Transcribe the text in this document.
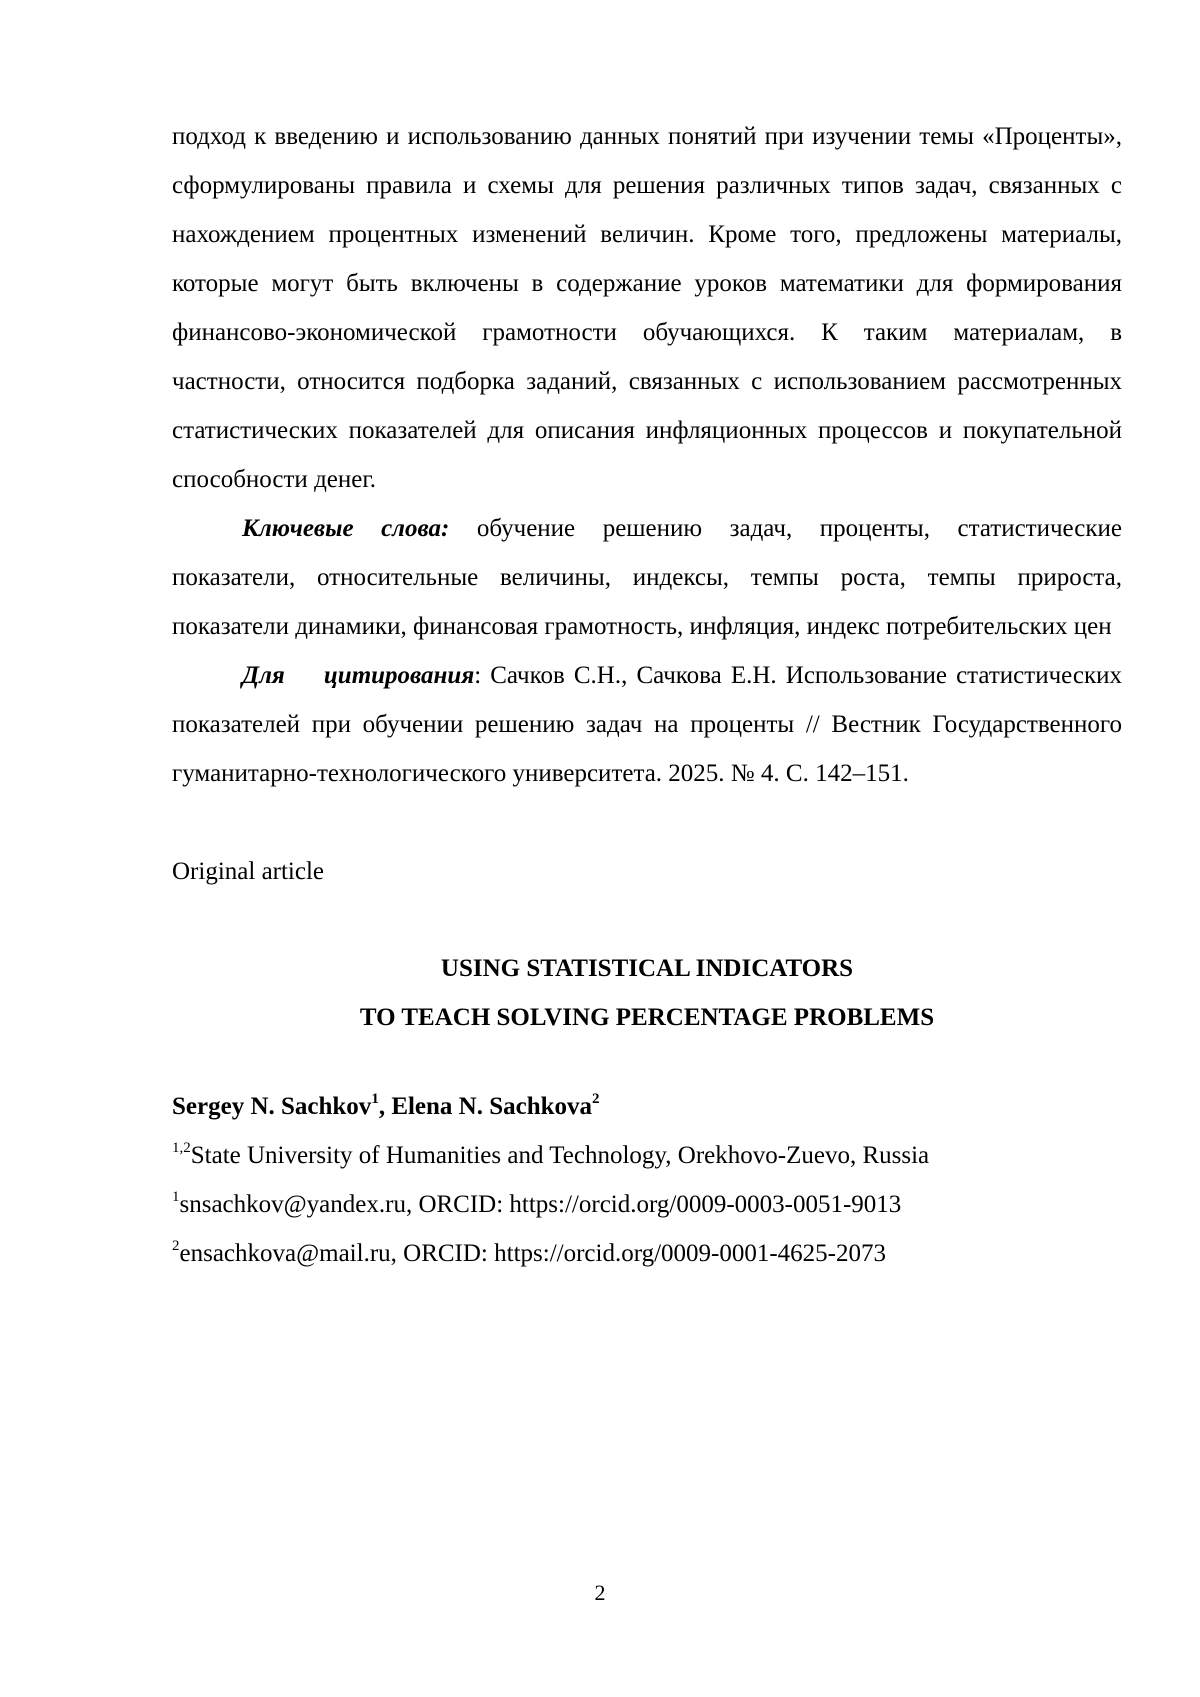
подход к введению и использованию данных понятий при изучении темы «Проценты», сформулированы правила и схемы для решения различных типов задач, связанных с нахождением процентных изменений величин. Кроме того, предложены материалы, которые могут быть включены в содержание уроков математики для формирования финансово-экономической грамотности обучающихся. К таким материалам, в частности, относится подборка заданий, связанных с использованием рассмотренных статистических показателей для описания инфляционных процессов и покупательной способности денег.

Ключевые слова: обучение решению задач, проценты, статистические показатели, относительные величины, индексы, темпы роста, темпы прироста, показатели динамики, финансовая грамотность, инфляция, индекс потребительских цен

Для цитирования: Сачков С.Н., Сачкова Е.Н. Использование статистических показателей при обучении решению задач на проценты // Вестник Государственного гуманитарно-технологического университета. 2025. № 4. С. 142–151.

Original article

USING STATISTICAL INDICATORS

TO TEACH SOLVING PERCENTAGE PROBLEMS

Sergey N. Sachkov$^1$, Elena N. Sachkova$^2$

$^{1,2}$State University of Humanities and Technology, Orekhovo-Zuevo, Russia

$^1$snsachkov@yandex.ru, ORCID: https://orcid.org/0009-0003-0051-9013

$^2$ensachkova@mail.ru, ORCID: https://orcid.org/0009-0001-4625-2073

2
